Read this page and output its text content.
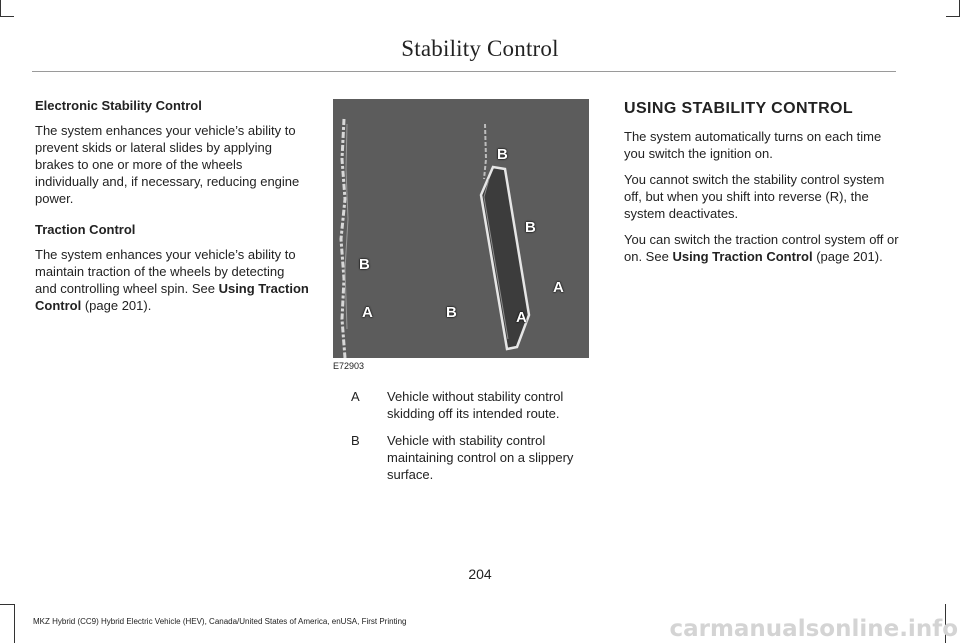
Stability Control

Electronic Stability Control

The system enhances your vehicle’s ability to prevent skids or lateral slides by applying brakes to one or more of the wheels individually and, if necessary, reducing engine power.

Traction Control

The system enhances your vehicle’s ability to maintain traction of the wheels by detecting and controlling wheel spin. See Using Traction Control (page 201).

B
B
B
A
A	B	A
E72903
A	Vehicle without stability control skidding off its intended route.
B	Vehicle with stability control maintaining control on a slippery surface.

USING STABILITY CONTROL

The system automatically turns on each time you switch the ignition on.

You cannot switch the stability control system off, but when you shift into reverse (R), the system deactivates.

You can switch the traction control system off or on. See Using Traction Control (page 201).

204
MKZ Hybrid (CC9) Hybrid Electric Vehicle (HEV), Canada/United States of America, enUSA, First Printing	carmanualsonline.info
